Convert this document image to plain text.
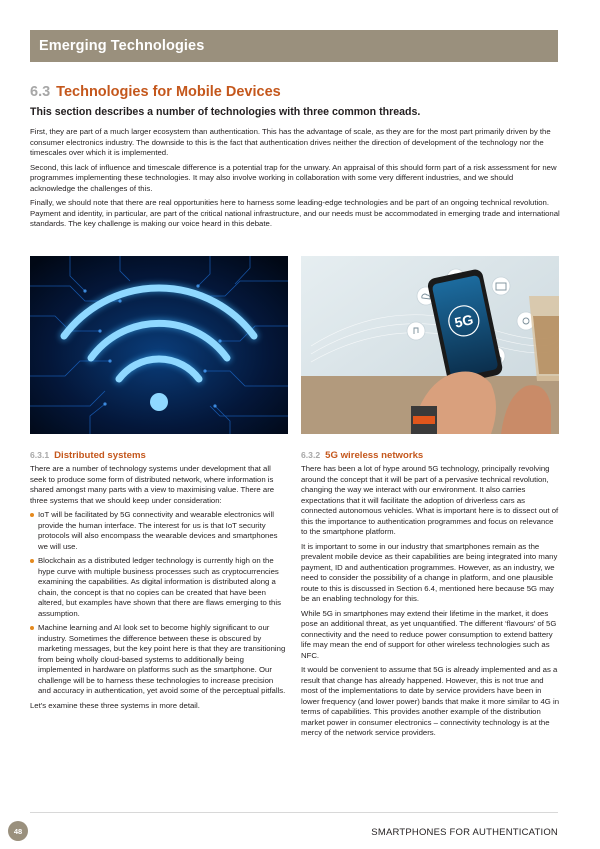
Emerging Technologies
6.3 Technologies for Mobile Devices
This section describes a number of technologies with three common threads.

First, they are part of a much larger ecosystem than authentication. This has the advantage of scale, as they are for the most part primarily driven by the consumer electronics industry. The downside to this is the fact that authentication drives neither the direction of development of the technology nor the timescales over which it is implemented.

Second, this lack of influence and timescale difference is a potential trap for the unwary. An appraisal of this should form part of a risk assessment for new programmes implementing these technologies. It may also involve working in collaboration with some very different industries, and we should acknowledge the challenges of this.

Finally, we should note that there are real opportunities here to harness some leading-edge technologies and be part of an ongoing technical revolution. Payment and identity, in particular, are part of the critical national infrastructure, and our needs must be accommodated in emerging trade and international standards. The key challenge is making our voice heard in this debate.

5G
6.3.1 Distributed systems

There are a number of technology systems under development that all seek to produce some form of distributed network, where information is shared amongst many parts with a view to maximising value. There are three systems that we should keep under consideration:

IoT will be facilitated by 5G connectivity and wearable electronics will provide the human interface. The interest for us is that IoT security protocols will also encompass the wearable devices and smartphones we will use.
Blockchain as a distributed ledger technology is currently high on the hype curve with multiple business processes such as cryptocurrencies examining the capabilities. As digital information is distributed along a chain, the concept is that no copies can be created that have been altered, but examples have shown that there are flaws emerging to this assumption.
Machine learning and AI look set to become highly significant to our industry. Sometimes the difference between these is obscured by marketing messages, but the key point here is that they are transitioning from being wholly cloud-based systems to additionally being implemented in hardware on platforms such as the smartphone. Our challenge will be to harness these technologies to increase precision and accuracy in authentication, yet avoid some of the perceptual pitfalls.

Let's examine these three systems in more detail.

6.3.2 5G wireless networks

There has been a lot of hype around 5G technology, principally revolving around the concept that it will be part of a pervasive technical revolution, changing the way we interact with our environment. It also carries expectations that it will facilitate the adoption of driverless cars as connected autonomous vehicles. What is important here is to dissect out of this the importance to authentication programmes and focus on relevance to the smartphone platform.

It is important to some in our industry that smartphones remain as the prevalent mobile device as their capabilities are being integrated into many payment, ID and authentication programmes. However, as an industry, we need to consider the possibility of a change in platform, and one plausible route to this is discussed in Section 6.4, mentioned here because 5G may be an enabling technology for this.

While 5G in smartphones may extend their lifetime in the market, it does pose an additional threat, as yet unquantified. The different ‘flavours’ of 5G connectivity and the need to reduce power consumption to extend battery life may mean the end of support for other wireless technologies such as NFC.

It would be convenient to assume that 5G is already implemented and as a result that change has already happened. However, this is not true and most of the implementations to date by service providers have been in lower frequency (and lower power) bands that make it more similar to 4G in terms of capabilities. This provides another example of the distribution market power in consumer electronics – connectivity technology is at the mercy of the network service providers.

48	SMARTPHONES FOR AUTHENTICATION
